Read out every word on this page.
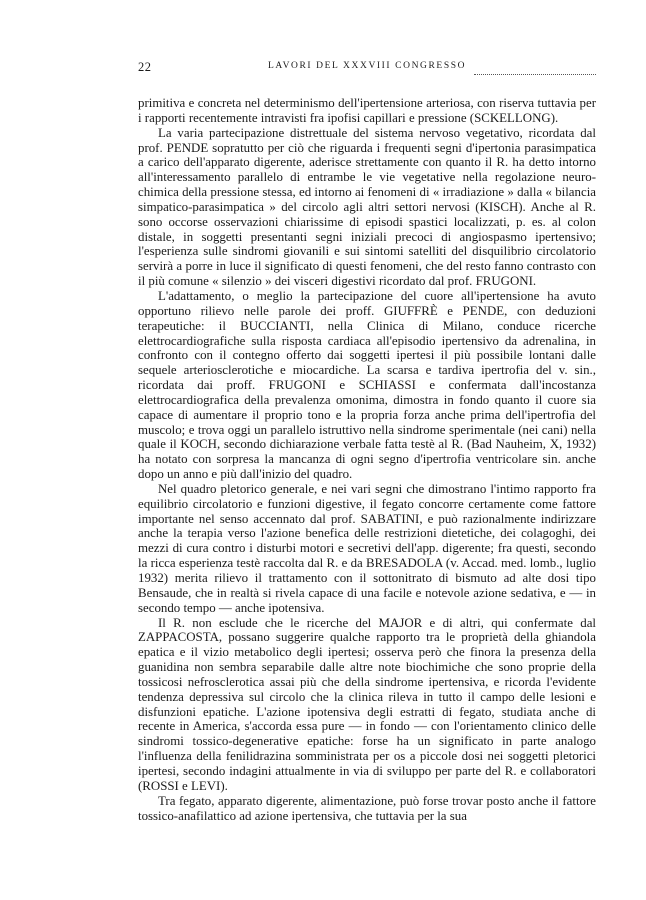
22	LAVORI DEL XXXVIII CONGRESSO

primitiva e concreta nel determinismo dell'ipertensione arteriosa, con riserva tuttavia per i rapporti recentemente intravisti fra ipofisi capillari e pressione (SCKELLONG).

La varia partecipazione distrettuale del sistema nervoso vegetativo, ricordata dal prof. PENDE sopratutto per ciò che riguarda i frequenti segni d'ipertonia parasimpatica a carico dell'apparato digerente, aderisce strettamente con quanto il R. ha detto intorno all'interessamento parallelo di entrambe le vie vegetative nella regolazione neuro-chimica della pressione stessa, ed intorno ai fenomeni di « irradiazione » dalla « bilancia simpatico-parasimpatica » del circolo agli altri settori nervosi (KISCH). Anche al R. sono occorse osservazioni chiarissime di episodi spastici localizzati, p. es. al colon distale, in soggetti presentanti segni iniziali precoci di angiospasmo ipertensivo; l'esperienza sulle sindromi giovanili e sui sintomi satelliti del disquilibrio circolatorio servirà a porre in luce il significato di questi fenomeni, che del resto fanno contrasto con il più comune « silenzio » dei visceri digestivi ricordato dal prof. FRUGONI.

L'adattamento, o meglio la partecipazione del cuore all'ipertensione ha avuto opportuno rilievo nelle parole dei proff. GIUFFRÈ e PENDE, con deduzioni terapeutiche: il BUCCIANTI, nella Clinica di Milano, conduce ricerche elettrocardiografiche sulla risposta cardiaca all'episodio ipertensivo da adrenalina, in confronto con il contegno offerto dai soggetti ipertesi il più possibile lontani dalle sequele arteriosclerotiche e miocardiche. La scarsa e tardiva ipertrofia del v. sin., ricordata dai proff. FRUGONI e SCHIASSI e confermata dall'incostanza elettrocardiografica della prevalenza omonima, dimostra in fondo quanto il cuore sia capace di aumentare il proprio tono e la propria forza anche prima dell'ipertrofia del muscolo; e trova oggi un parallelo istruttivo nella sindrome sperimentale (nei cani) nella quale il KOCH, secondo dichiarazione verbale fatta testè al R. (Bad Nauheim, X, 1932) ha notato con sorpresa la mancanza di ogni segno d'ipertrofia ventricolare sin. anche dopo un anno e più dall'inizio del quadro.

Nel quadro pletorico generale, e nei vari segni che dimostrano l'intimo rapporto fra equilibrio circolatorio e funzioni digestive, il fegato concorre certamente come fattore importante nel senso accennato dal prof. SABATINI, e può razionalmente indirizzare anche la terapia verso l'azione benefica delle restrizioni dietetiche, dei colagoghi, dei mezzi di cura contro i disturbi motori e secretivi dell'app. digerente; fra questi, secondo la ricca esperienza testè raccolta dal R. e da BRESADOLA (v. Accad. med. lomb., luglio 1932) merita rilievo il trattamento con il sottonitrato di bismuto ad alte dosi tipo Bensaude, che in realtà si rivela capace di una facile e notevole azione sedativa, e — in secondo tempo — anche ipotensiva.

Il R. non esclude che le ricerche del MAJOR e di altri, qui confermate dal ZAPPACOSTA, possano suggerire qualche rapporto tra le proprietà della ghiandola epatica e il vizio metabolico degli ipertesi; osserva però che finora la presenza della guanidina non sembra separabile dalle altre note biochimiche che sono proprie della tossicosi nefrosclerotica assai più che della sindrome ipertensiva, e ricorda l'evidente tendenza depressiva sul circolo che la clinica rileva in tutto il campo delle lesioni e disfunzioni epatiche. L'azione ipotensiva degli estratti di fegato, studiata anche di recente in America, s'accorda essa pure — in fondo — con l'orientamento clinico delle sindromi tossico-degenerative epatiche: forse ha un significato in parte analogo l'influenza della fenilidrazina somministrata per os a piccole dosi nei soggetti pletorici ipertesi, secondo indagini attualmente in via di sviluppo per parte del R. e collaboratori (ROSSI e LEVI).

Tra fegato, apparato digerente, alimentazione, può forse trovar posto anche il fattore tossico-anafilattico ad azione ipertensiva, che tuttavia per la sua
